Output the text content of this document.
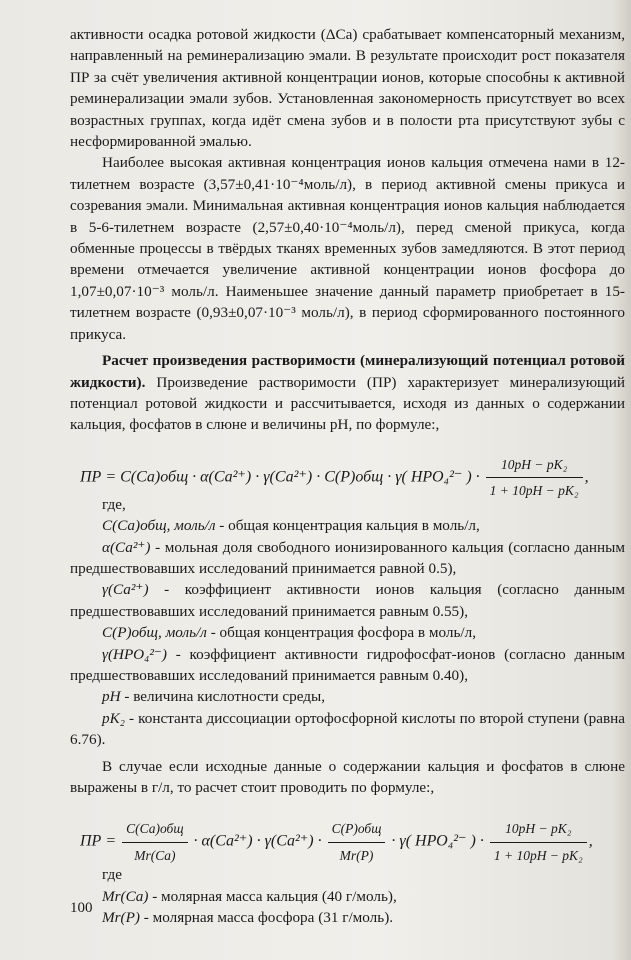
активности осадка ротовой жидкости (ΔСа) срабатывает компенсаторный механизм, направленный на реминерализацию эмали. В результате происходит рост показателя ПР за счёт увеличения активной концентрации ионов, которые способны к активной реминерализации эмали зубов. Установленная закономерность присутствует во всех возрастных группах, когда идёт смена зубов и в полости рта присутствуют зубы с несформированной эмалью.

Наиболее высокая активная концентрация ионов кальция отмечена нами в 12-тилетнем возрасте (3,57±0,41·10⁻⁴моль/л), в период активной смены прикуса и созревания эмали. Минимальная активная концентрация ионов кальция наблюдается в 5-6-тилетнем возрасте (2,57±0,40·10⁻⁴моль/л), перед сменой прикуса, когда обменные процессы в твёрдых тканях временных зубов замедляются. В этот период времени отмечается увеличение активной концентрации ионов фосфора до 1,07±0,07·10⁻³ моль/л. Наименьшее значение данный параметр приобретает в 15-тилетнем возрасте (0,93±0,07·10⁻³ моль/л), в период сформированного постоянного прикуса.

Расчет произведения растворимости (минерализующий потенциал ротовой жидкости). Произведение растворимости (ПР) характеризует минерализующий потенциал ротовой жидкости и рассчитывается, исходя из данных о содержании кальция, фосфатов в слюне и величины рН, по формуле:,

ПР = С(Са)общ · α(Са²⁺) · γ(Са²⁺) · С(Р)общ · γ( НРО₄²⁻ ) · $\frac{\text{10pH − pK₂}}{\text{1 + 10pH − pK₂}}$ ,

где,

С(Са)общ, моль/л - общая концентрация кальция в моль/л,

α(Са²⁺) - мольная доля свободного ионизированного кальция (согласно данным предшествовавших исследований принимается равной 0.5),

γ(Са²⁺) - коэффициент активности ионов кальция (согласно данным предшествовавших исследований принимается равным 0.55),

С(Р)общ, моль/л - общая концентрация фосфора в моль/л,

γ(НРО₄²⁻) - коэффициент активности гидрофосфат-ионов (согласно данным предшествовавших исследований принимается равным 0.40),

рН - величина кислотности среды,

рК₂ - константа диссоциации ортофосфорной кислоты по второй ступени (равна 6.76).

В случае если исходные данные о содержании кальция и фосфатов в слюне выражены в г/л, то расчет стоит проводить по формуле:,

ПР = $\frac{\text{С(Са)общ}}{Mr(Ca)} \cdot \alpha(Са^{2+}) \cdot \gamma(Са^{2+}) \cdot \frac{\text{C(P)общ}}{Mr(P)} \cdot \gamma$( НРО₄²⁻ ) · $\frac{\text{10pH − pK₂}}{\text{1 + 10pH − pK₂}}$ ,

где

Mr(Ca) - молярная масса кальция (40 г/моль),

Mr(P) - молярная масса фосфора (31 г/моль).

100
